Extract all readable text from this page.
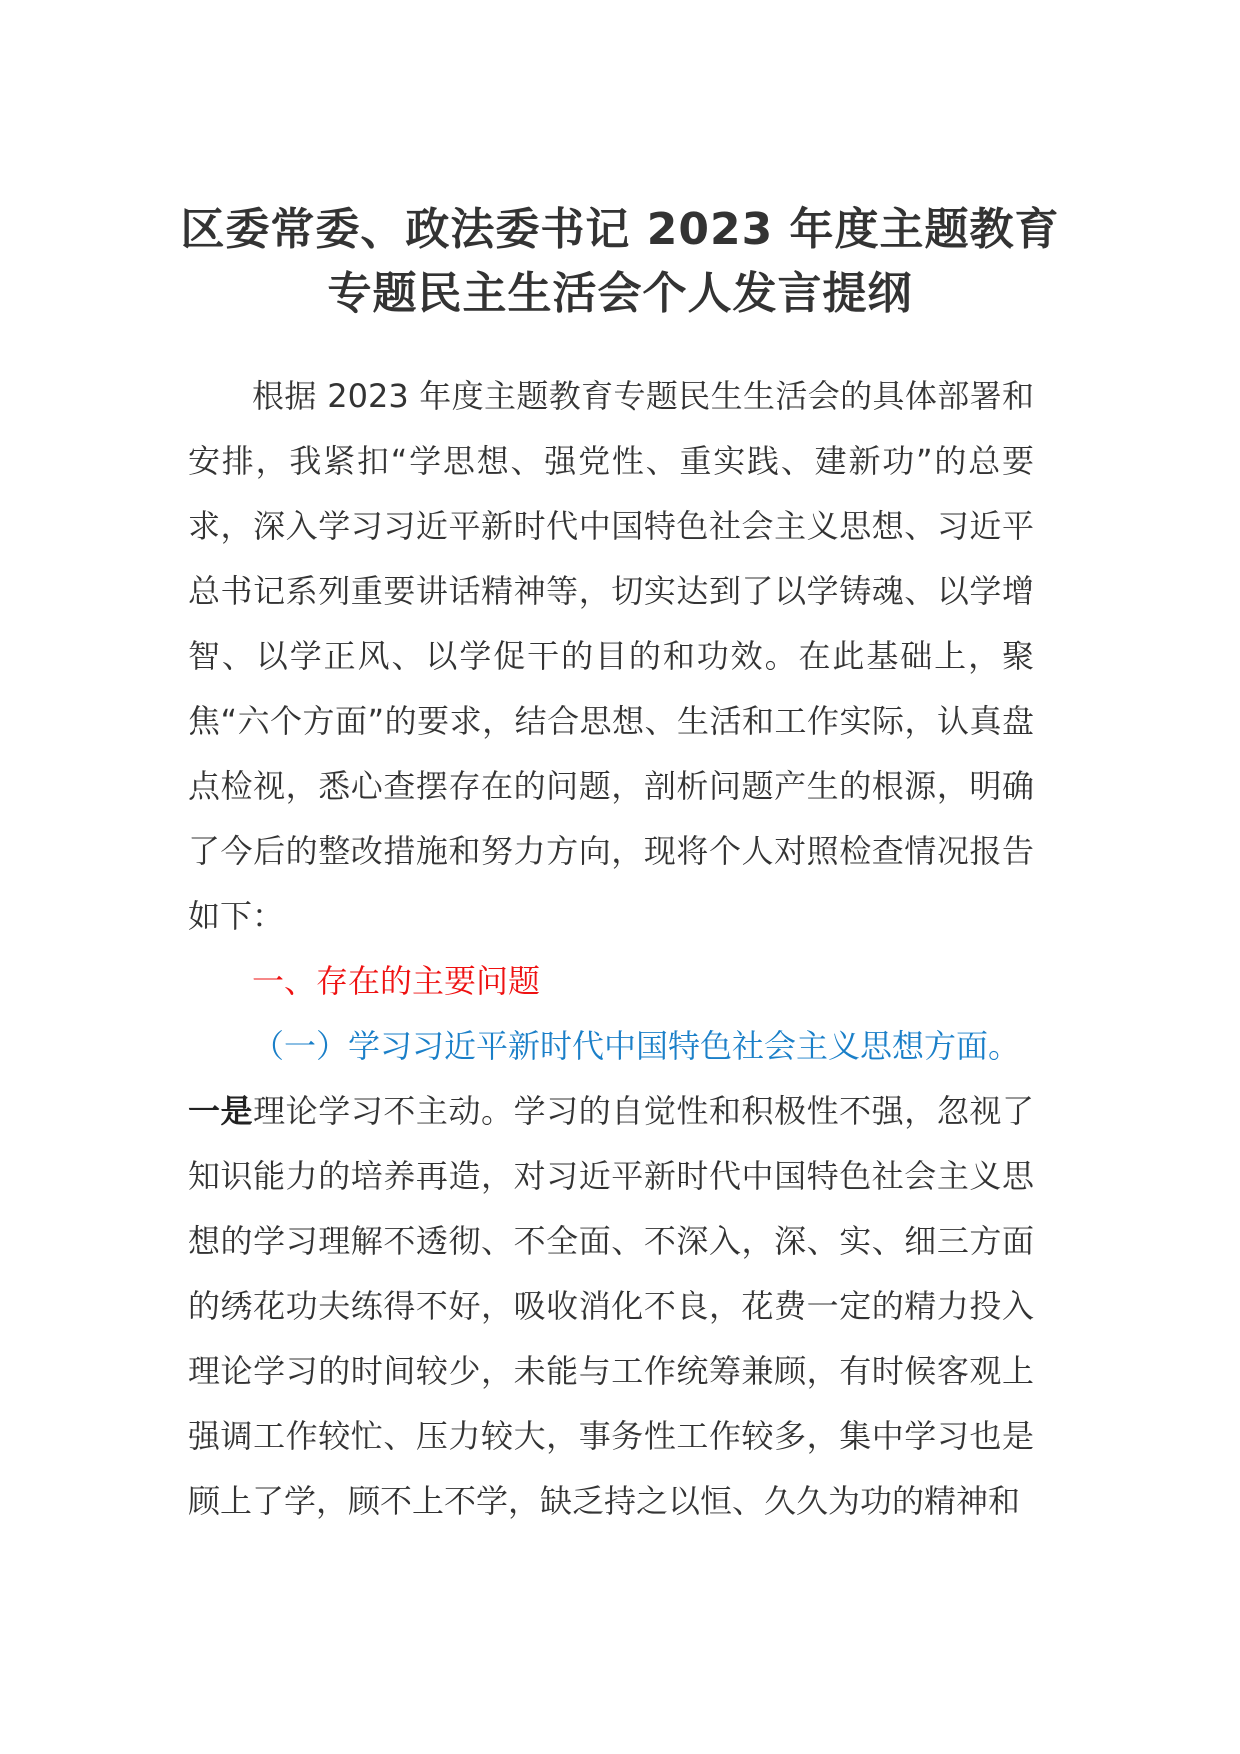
区委常委、政法委书记 2023 年度主题教育
专题民主生活会个人发言提纲

根据 2023 年度主题教育专题民生生活会的具体部署和安排，我紧扣“学思想、强党性、重实践、建新功”的总要求，深入学习习近平新时代中国特色社会主义思想、习近平总书记系列重要讲话精神等，切实达到了以学铸魂、以学增智、以学正风、以学促干的目的和功效。在此基础上，聚焦“六个方面”的要求，结合思想、生活和工作实际，认真盘点检视，悉心查摆存在的问题，剖析问题产生的根源，明确了今后的整改措施和努力方向，现将个人对照检查情况报告如下：

一、存在的主要问题

（一）学习习近平新时代中国特色社会主义思想方面。

一是理论学习不主动。学习的自觉性和积极性不强，忽视了知识能力的培养再造，对习近平新时代中国特色社会主义思想的学习理解不透彻、不全面、不深入，深、实、细三方面的绣花功夫练得不好，吸收消化不良，花费一定的精力投入理论学习的时间较少，未能与工作统筹兼顾，有时候客观上强调工作较忙、压力较大，事务性工作较多，集中学习也是顾上了学，顾不上不学，缺乏持之以恒、久久为功的精神和
